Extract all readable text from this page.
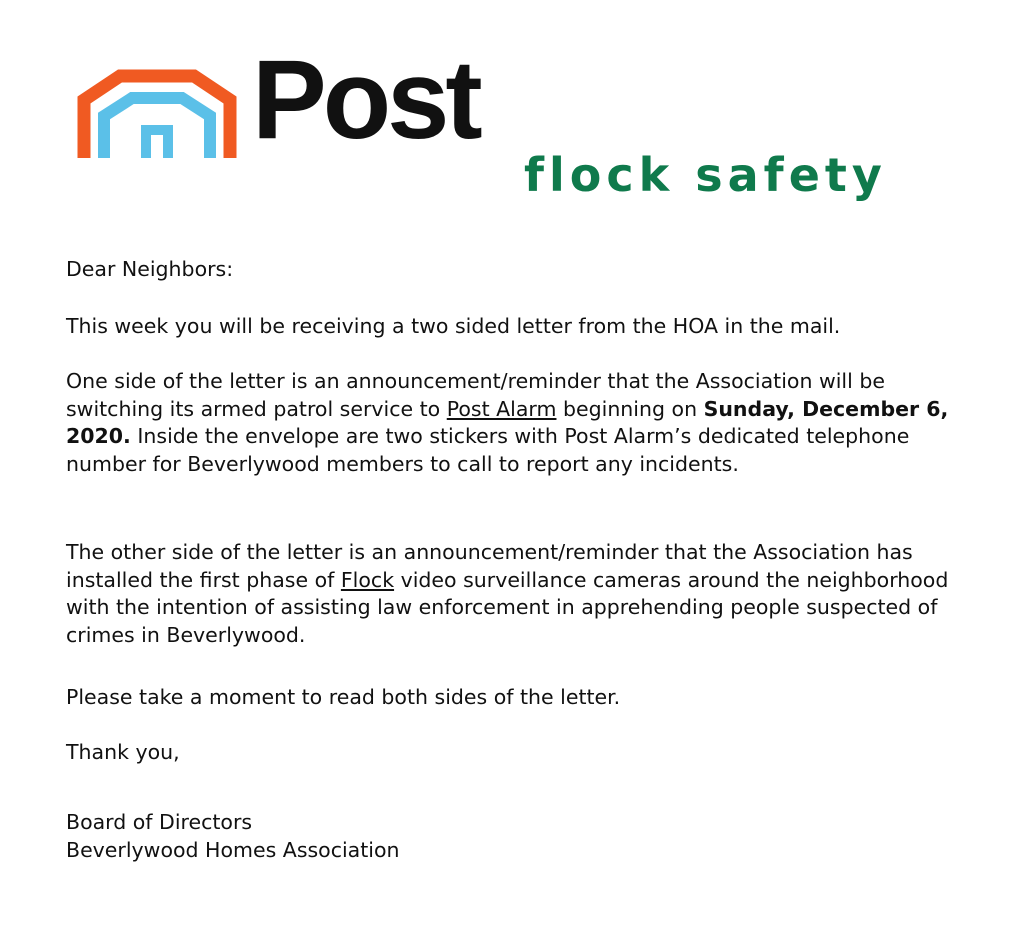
Post
flock safety

Dear Neighbors:

This week you will be receiving a two sided letter from the HOA in the mail.

One side of the letter is an announcement/reminder that the Association will be switching its armed patrol service to Post Alarm beginning on Sunday, December 6, 2020. Inside the envelope are two stickers with Post Alarm’s dedicated telephone number for Beverlywood members to call to report any incidents.

The other side of the letter is an announcement/reminder that the Association has installed the first phase of Flock video surveillance cameras around the neighborhood with the intention of assisting law enforcement in apprehending people suspected of crimes in Beverlywood.

Please take a moment to read both sides of the letter.

Thank you,

Board of Directors

Beverlywood Homes Association
